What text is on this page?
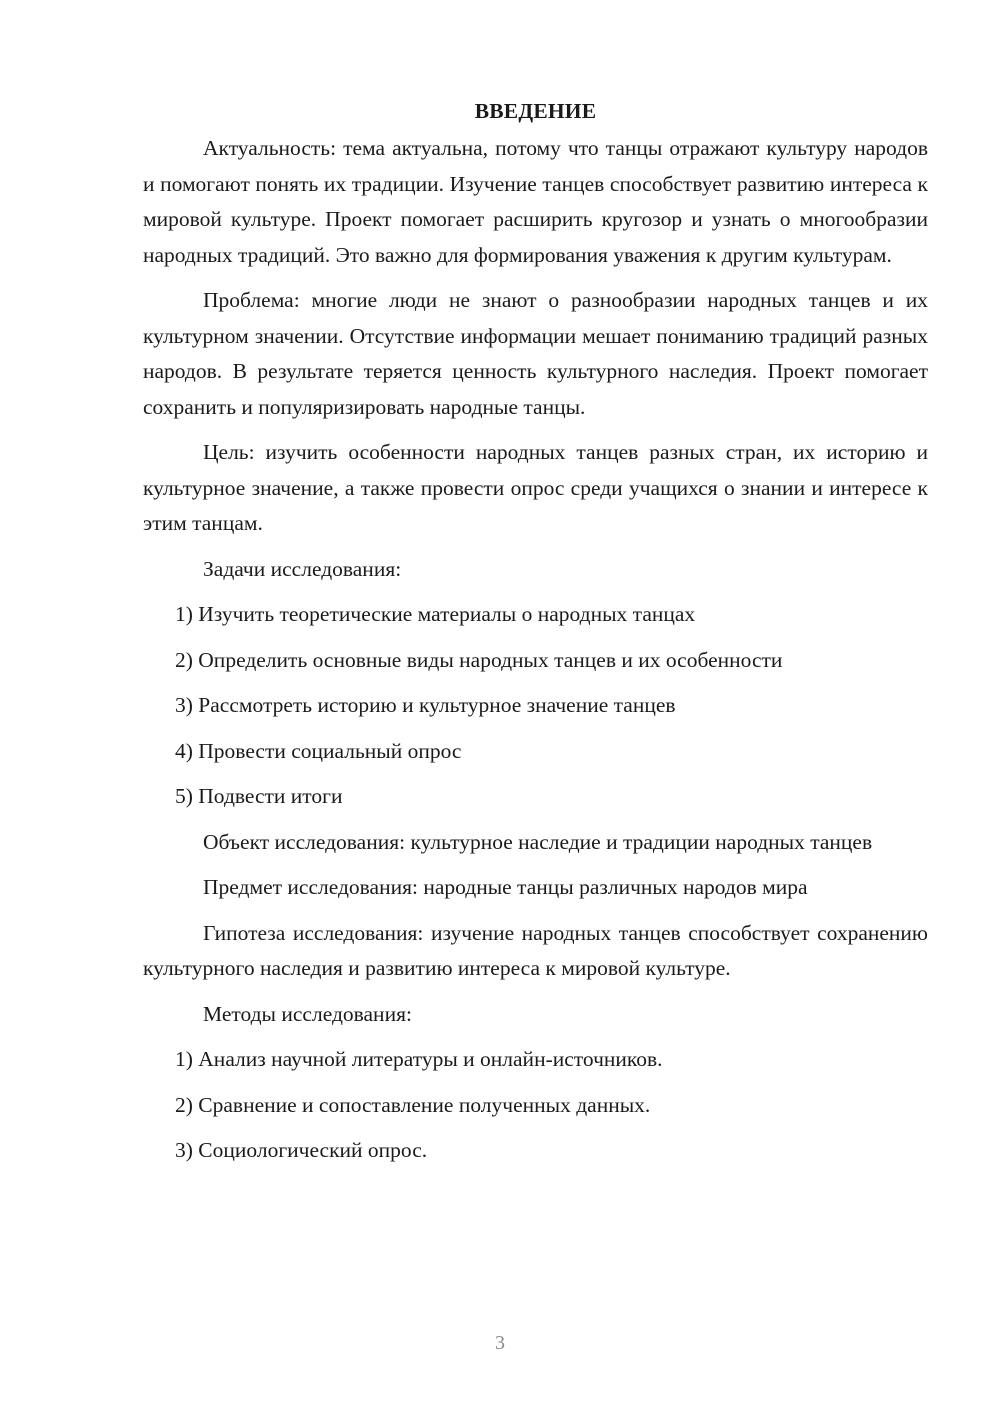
ВВЕДЕНИЕ

Актуальность: тема актуальна, потому что танцы отражают культуру народов и помогают понять их традиции. Изучение танцев способствует развитию интереса к мировой культуре. Проект помогает расширить кругозор и узнать о многообразии народных традиций. Это важно для формирования уважения к другим культурам.

Проблема: многие люди не знают о разнообразии народных танцев и их культурном значении. Отсутствие информации мешает пониманию традиций разных народов. В результате теряется ценность культурного наследия. Проект помогает сохранить и популяризировать народные танцы.

Цель: изучить особенности народных танцев разных стран, их историю и культурное значение, а также провести опрос среди учащихся о знании и интересе к этим танцам.

Задачи исследования:

1) Изучить теоретические материалы о народных танцах

2) Определить основные виды народных танцев и их особенности

3) Рассмотреть историю и культурное значение танцев

4) Провести социальный опрос

5) Подвести итоги

Объект исследования: культурное наследие и традиции народных танцев

Предмет исследования: народные танцы различных народов мира

Гипотеза исследования: изучение народных танцев способствует сохранению культурного наследия и развитию интереса к мировой культуре.

Методы исследования:

1) Анализ научной литературы и онлайн-источников.

2) Сравнение и сопоставление полученных данных.

3) Социологический опрос.

3
